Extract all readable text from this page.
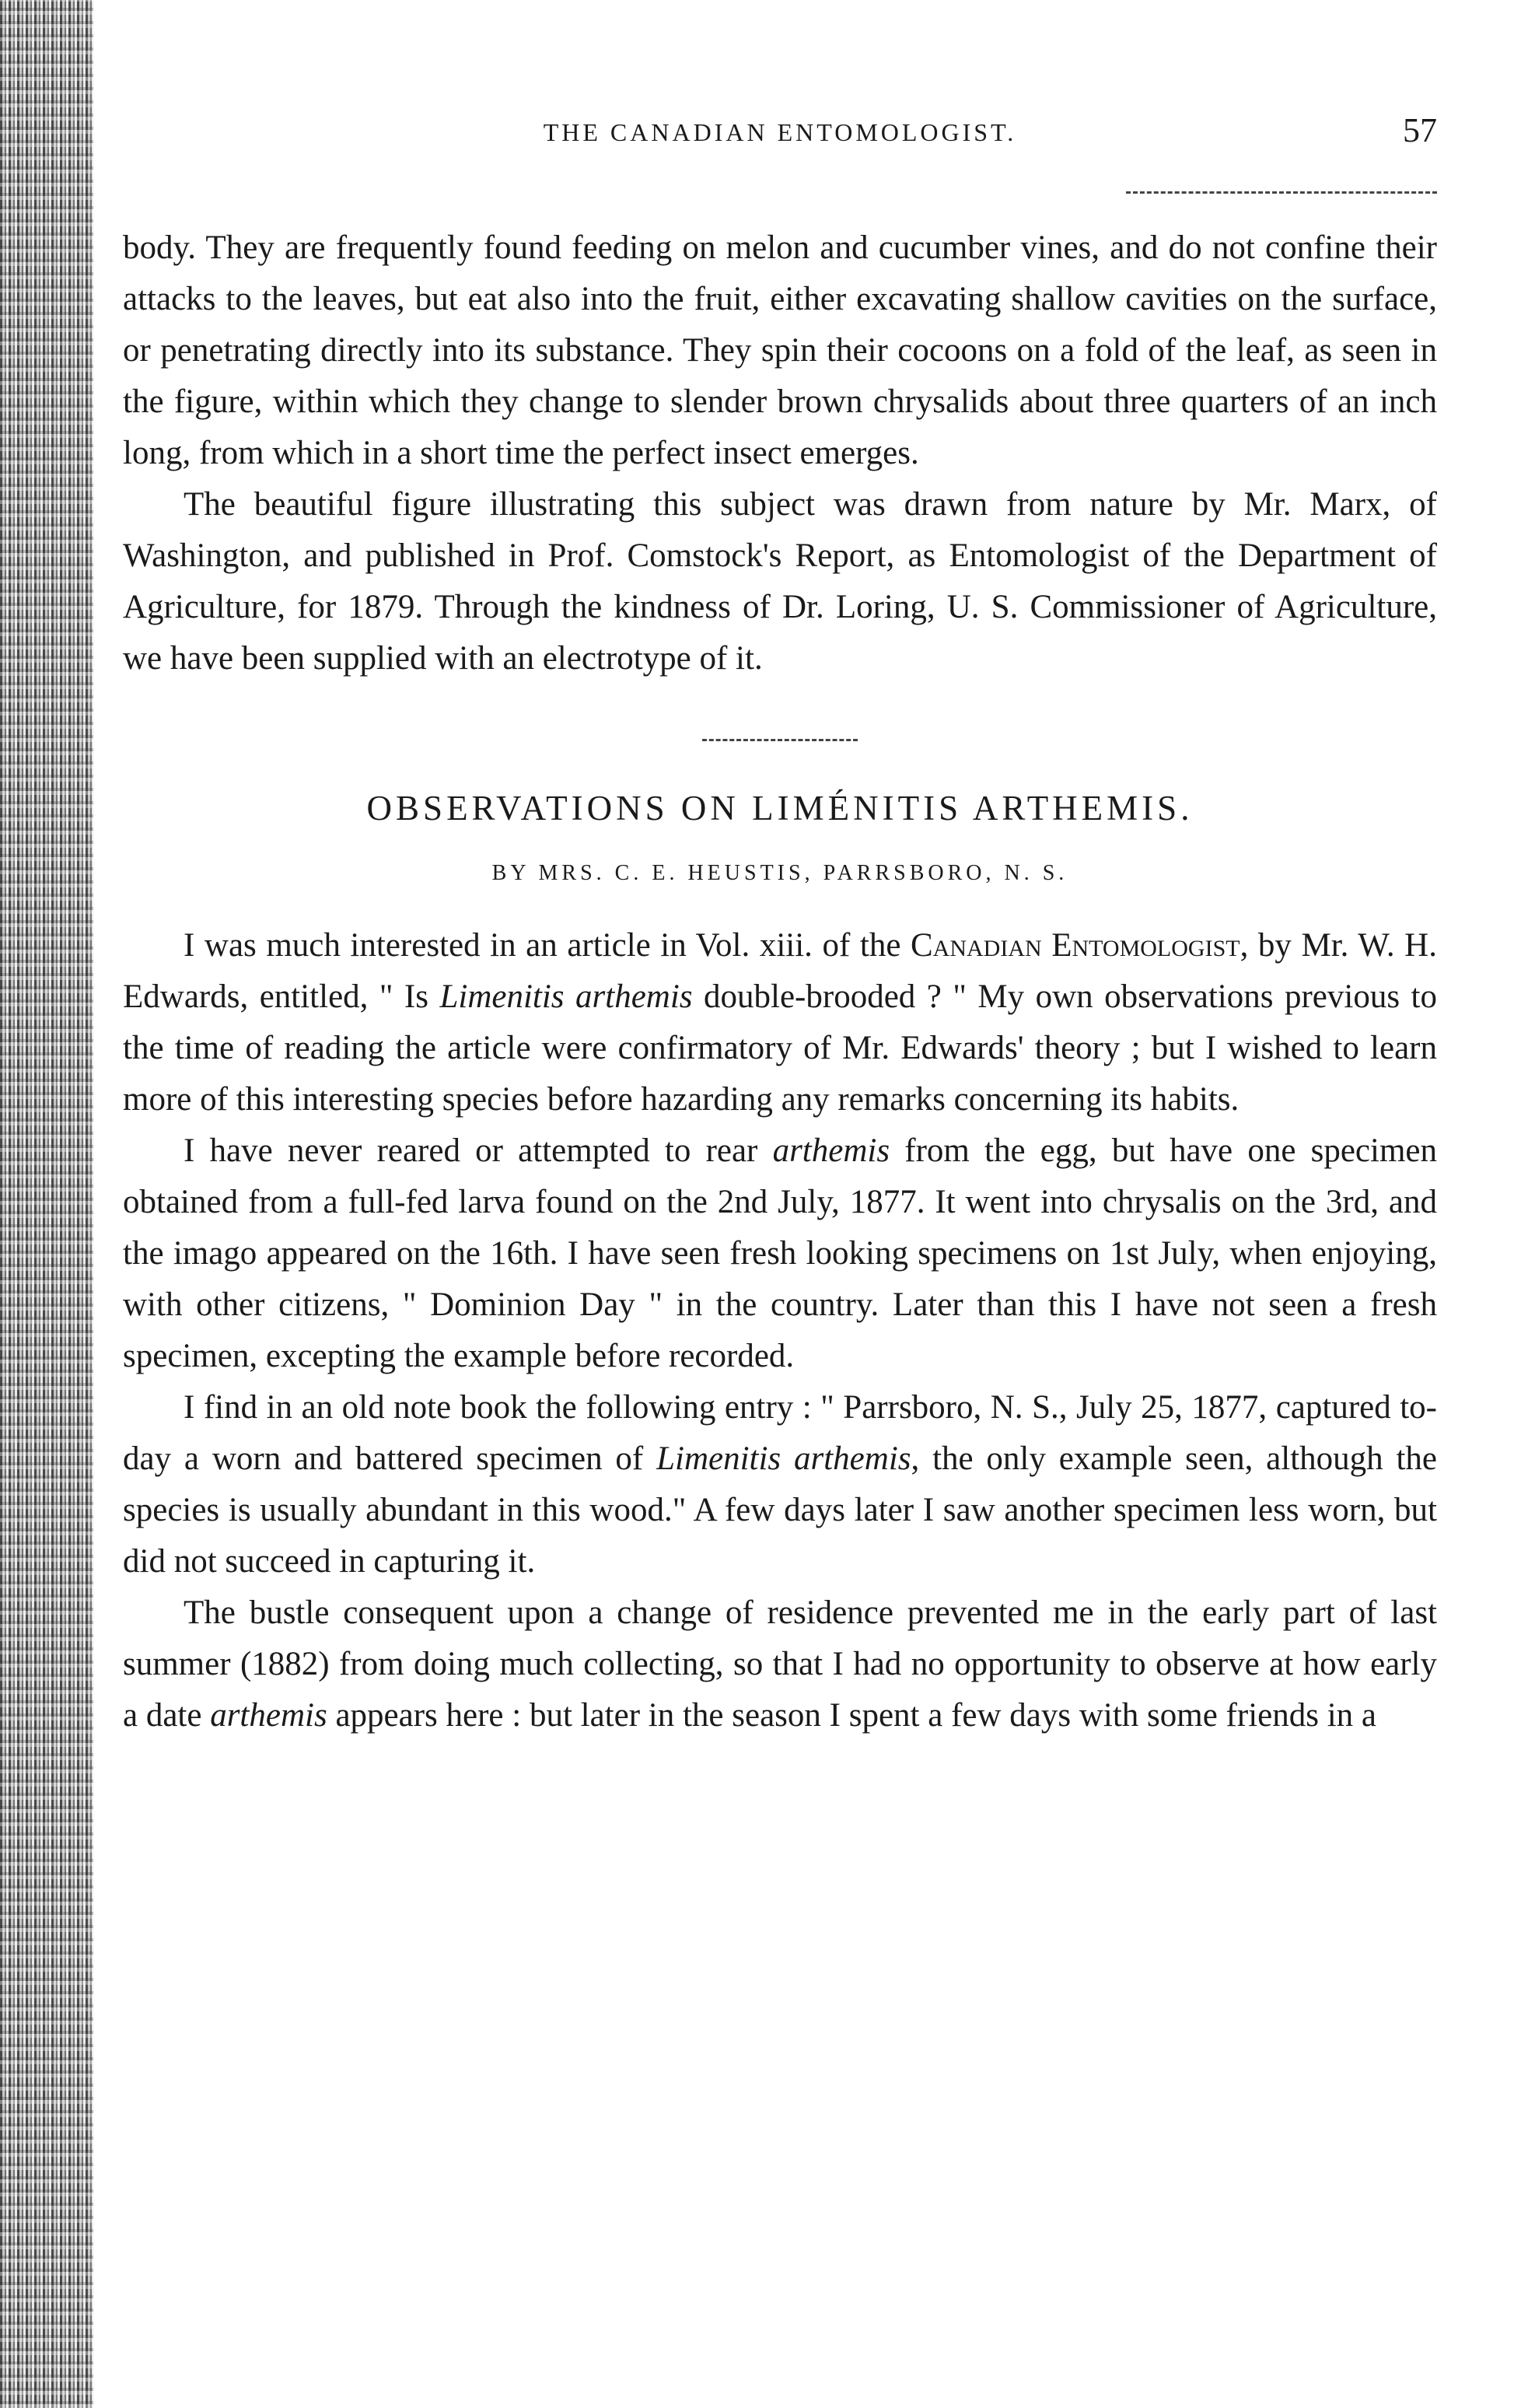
THE CANADIAN ENTOMOLOGIST.	57

body. They are frequently found feeding on melon and cucumber vines, and do not confine their attacks to the leaves, but eat also into the fruit, either excavating shallow cavities on the surface, or penetrating directly into its substance. They spin their cocoons on a fold of the leaf, as seen in the figure, within which they change to slender brown chrysalids about three quarters of an inch long, from which in a short time the perfect insect emerges.

The beautiful figure illustrating this subject was drawn from nature by Mr. Marx, of Washington, and published in Prof. Comstock's Report, as Entomologist of the Department of Agriculture, for 1879. Through the kindness of Dr. Loring, U. S. Commissioner of Agriculture, we have been supplied with an electrotype of it.

OBSERVATIONS ON LIMÉNITIS ARTHEMIS.
BY MRS. C. E. HEUSTIS, PARRSBORO, N. S.

I was much interested in an article in Vol. xiii. of the Canadian Entomologist, by Mr. W. H. Edwards, entitled, " Is Limenitis arthemis double-brooded ? " My own observations previous to the time of reading the article were confirmatory of Mr. Edwards' theory ; but I wished to learn more of this interesting species before hazarding any remarks concerning its habits.

I have never reared or attempted to rear arthemis from the egg, but have one specimen obtained from a full-fed larva found on the 2nd July, 1877. It went into chrysalis on the 3rd, and the imago appeared on the 16th. I have seen fresh looking specimens on 1st July, when enjoying, with other citizens, " Dominion Day " in the country. Later than this I have not seen a fresh specimen, excepting the example before recorded.

I find in an old note book the following entry : " Parrsboro, N. S., July 25, 1877, captured to-day a worn and battered specimen of Limenitis arthemis, the only example seen, although the species is usually abundant in this wood." A few days later I saw another specimen less worn, but did not succeed in capturing it.

The bustle consequent upon a change of residence prevented me in the early part of last summer (1882) from doing much collecting, so that I had no opportunity to observe at how early a date arthemis appears here : but later in the season I spent a few days with some friends in a
